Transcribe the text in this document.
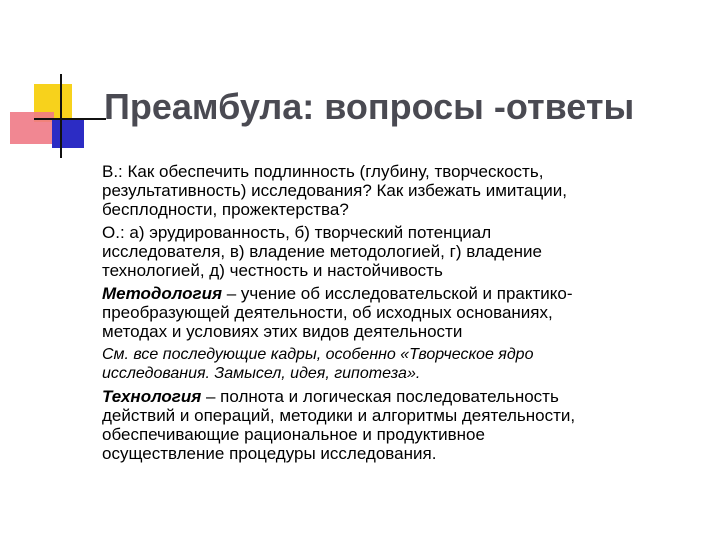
Преамбула: вопросы -ответы
В.: Как обеспечить подлинность (глубину, творческость,
результативность) исследования? Как избежать имитации,
бесплодности, прожектерства?
О.: а) эрудированность, б) творческий потенциал
исследователя, в) владение методологией, г) владение
технологией, д) честность и настойчивость
Методология – учение об исследовательской и практико-
преобразующей деятельности, об исходных основаниях,
методах и условиях этих видов деятельности
См. все последующие кадры, особенно «Творческое ядро
исследования. Замысел, идея, гипотеза».
Технология – полнота и логическая последовательность
действий и операций, методики и алгоритмы деятельности,
обеспечивающие рациональное и продуктивное
осуществление процедуры исследования.
